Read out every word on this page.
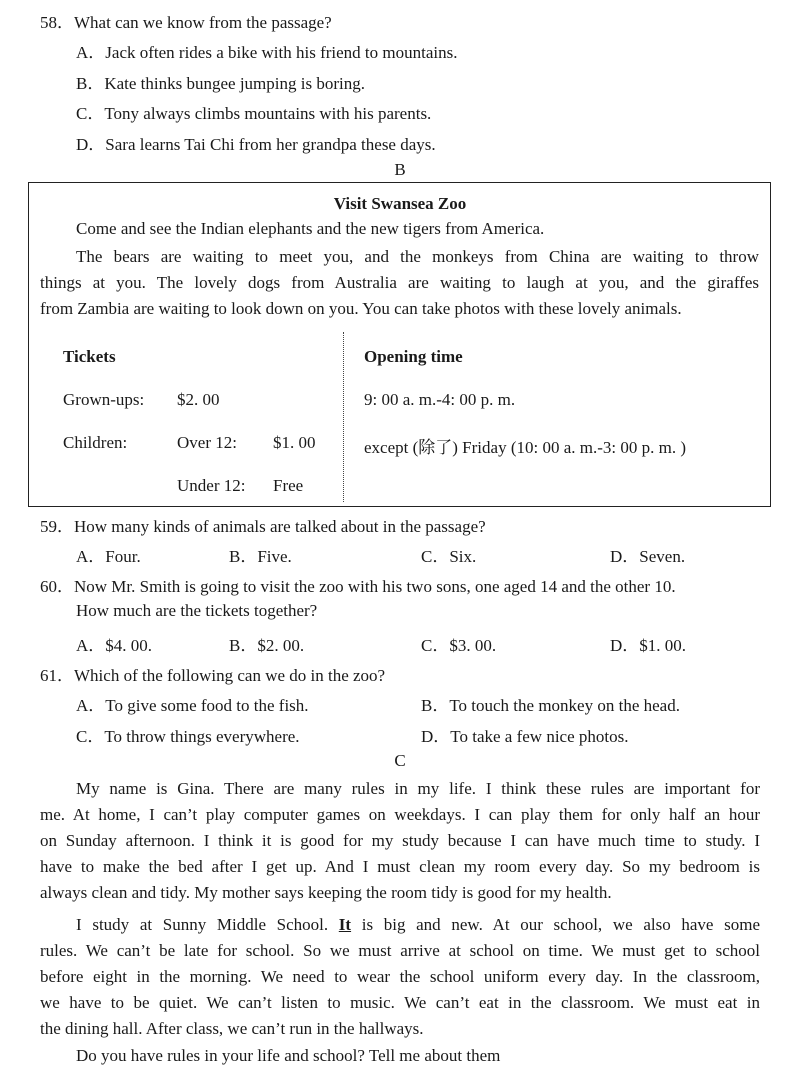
58．What can we know from the passage?
A．Jack often rides a bike with his friend to mountains.
B．Kate thinks bungee jumping is boring.
C．Tony always climbs mountains with his parents.
D．Sara learns Tai Chi from her grandpa these days.
B
Visit Swansea Zoo
Come and see the Indian elephants and the new tigers from America.
The bears are waiting to meet you, and the monkeys from China are waiting to throw
things at you. The lovely dogs from Australia are waiting to laugh at you, and the giraffes
from Zambia are waiting to look down on you. You can take photos with these lovely animals.
Tickets
Grown-ups: $2. 00
Children:	Over 12: $1. 00
Under 12: Free
Opening time
9: 00 a. m.-4: 00 p. m.
except (除了) Friday (10: 00 a. m.-3: 00 p. m. )
59．How many kinds of animals are talked about in the passage?
A．Four.	B．Five.	C．Six.	D．Seven.
60．Now Mr. Smith is going to visit the zoo with his two sons, one aged 14 and the other 10.
How much are the tickets together?
A．$4. 00.	B．$2. 00.	C．$3. 00.	D．$1. 00.
61．Which of the following can we do in the zoo?
A．To give some food to the fish.	B．To touch the monkey on the head.
C．To throw things everywhere.	D．To take a few nice photos.
C
My name is Gina. There are many rules in my life. I think these rules are important for
me. At home, I can’t play computer games on weekdays. I can play them for only half an hour
on Sunday afternoon. I think it is good for my study because I can have much time to study. I
have to make the bed after I get up. And I must clean my room every day. So my bedroom is
always clean and tidy. My mother says keeping the room tidy is good for my health.
I study at Sunny Middle School. It is big and new. At our school, we also have some
rules. We can’t be late for school. So we must arrive at school on time. We must get to school
before eight in the morning. We need to wear the school uniform every day. In the classroom,
we have to be quiet. We can’t listen to music. We can’t eat in the classroom. We must eat in
the dining hall. After class, we can’t run in the hallways.
Do you have rules in your life and school? Tell me about them
